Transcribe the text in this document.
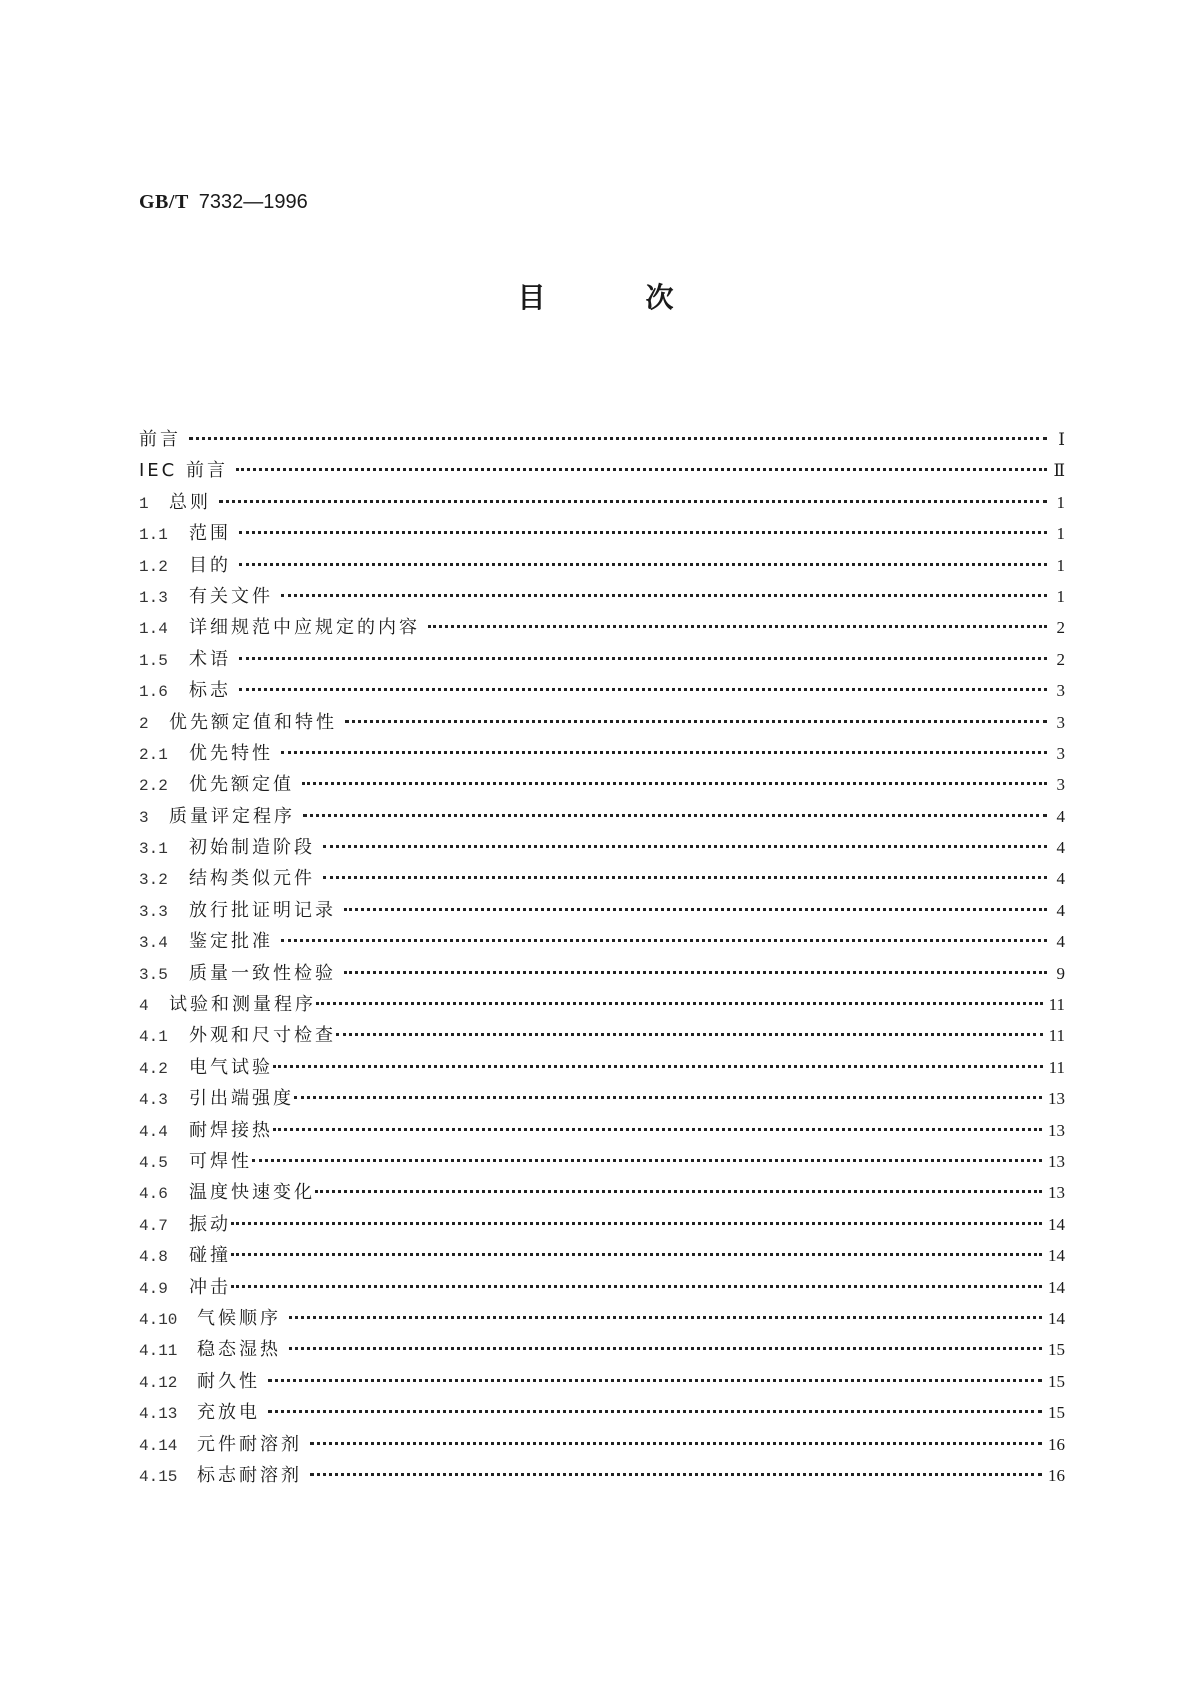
GB/T 7332—1996
目	次
前言	Ⅰ
IEC 前言	Ⅱ
1	总则	1
1.1	范围	1
1.2	目的	1
1.3	有关文件	1
1.4	详细规范中应规定的内容	2
1.5	术语	2
1.6	标志	3
2	优先额定值和特性	3
2.1	优先特性	3
2.2	优先额定值	3
3	质量评定程序	4
3.1	初始制造阶段	4
3.2	结构类似元件	4
3.3	放行批证明记录	4
3.4	鉴定批准	4
3.5	质量一致性检验	9
4	试验和测量程序	11
4.1	外观和尺寸检查	11
4.2	电气试验	11
4.3	引出端强度	13
4.4	耐焊接热	13
4.5	可焊性	13
4.6	温度快速变化	13
4.7	振动	14
4.8	碰撞	14
4.9	冲击	14
4.10	气候顺序	14
4.11	稳态湿热	15
4.12	耐久性	15
4.13	充放电	15
4.14	元件耐溶剂	16
4.15	标志耐溶剂	16
